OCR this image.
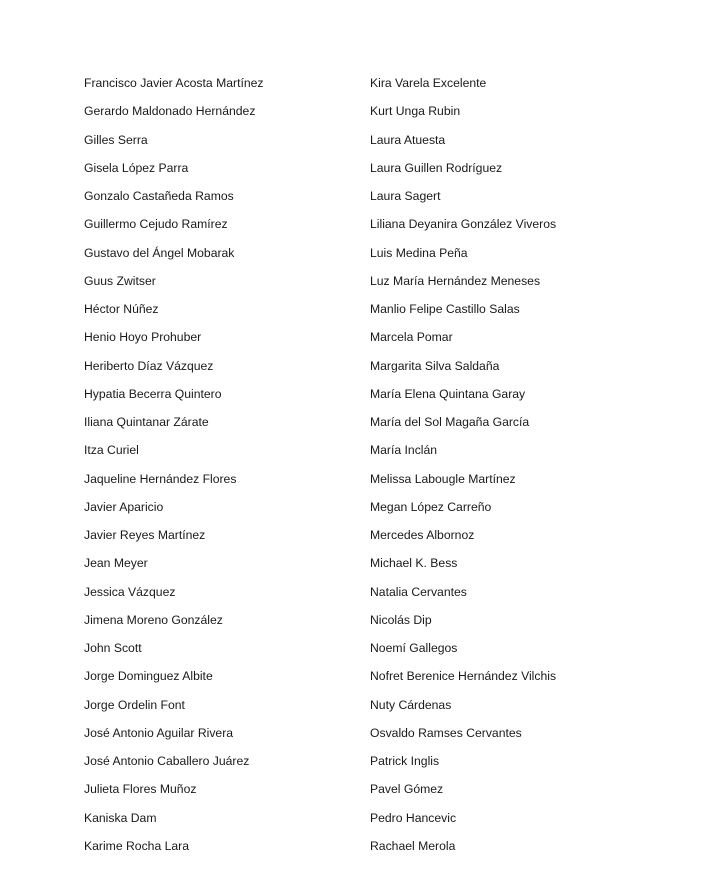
Francisco Javier Acosta Martínez
Gerardo Maldonado Hernández
Gilles Serra
Gisela López Parra
Gonzalo Castañeda Ramos
Guillermo Cejudo Ramírez
Gustavo del Ángel Mobarak
Guus Zwitser
Héctor Núñez
Henio Hoyo Prohuber
Heriberto Díaz Vázquez
Hypatia Becerra Quintero
Iliana Quintanar Zárate
Itza Curiel
Jaqueline Hernández Flores
Javier Aparicio
Javier Reyes Martínez
Jean Meyer
Jessica Vázquez
Jimena Moreno González
John Scott
Jorge Dominguez Albite
Jorge Ordelin Font
José Antonio Aguilar Rivera
José Antonio Caballero Juárez
Julieta Flores Muñoz
Kaniska Dam
Karime Rocha Lara
Kira Varela Excelente
Kurt Unga Rubin
Laura Atuesta
Laura Guillen Rodríguez
Laura Sagert
Liliana Deyanira González Viveros
Luis Medina Peña
Luz María Hernández Meneses
Manlio Felipe Castillo Salas
Marcela Pomar
Margarita Silva Saldaña
María Elena Quintana Garay
María del Sol Magaña García
María Inclán
Melissa Labougle Martínez
Megan López Carreño
Mercedes Albornoz
Michael K. Bess
Natalia Cervantes
Nicolás Dip
Noemí Gallegos
Nofret Berenice Hernández Vilchis
Nuty Cárdenas
Osvaldo Ramses Cervantes
Patrick Inglis
Pavel Gómez
Pedro Hancevic
Rachael Merola
